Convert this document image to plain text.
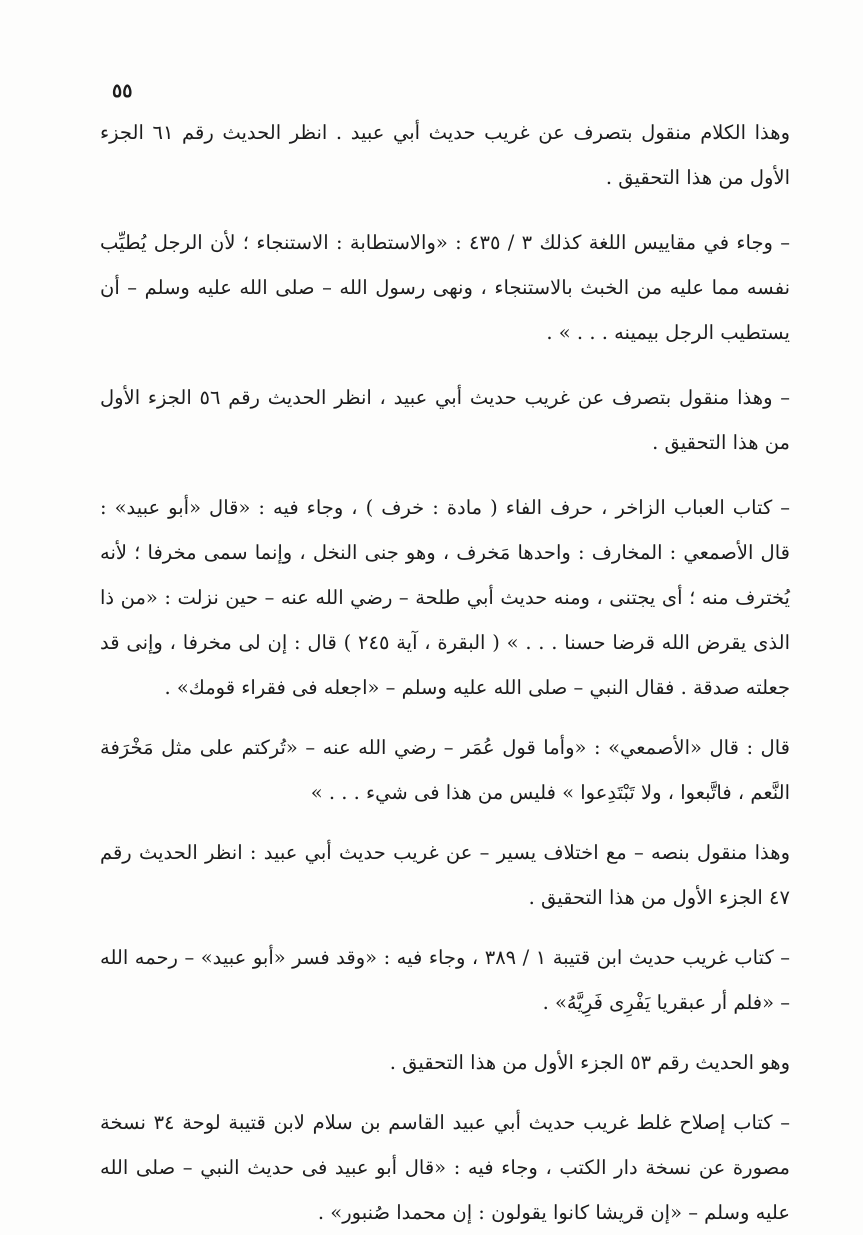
٥٥

وهذا الكلام منقول بتصرف عن غريب حديث أبي عبيد . انظر الحديث رقم ٦١ الجزء الأول من هذا التحقيق .

– وجاء في مقاييس اللغة كذلك ٣ / ٤٣٥ : «والاستطابة : الاستنجاء ؛ لأن الرجل يُطيِّب نفسه مما عليه من الخبث بالاستنجاء ، ونهى رسول الله – صلى الله عليه وسلم – أن يستطيب الرجل بيمينه . . . » .

– وهذا منقول بتصرف عن غريب حديث أبي عبيد ، انظر الحديث رقم ٥٦ الجزء الأول من هذا التحقيق .

– كتاب العباب الزاخر ، حرف الفاء ( مادة : خرف ) ، وجاء فيه : «قال «أبو عبيد» : قال الأصمعي : المخارف : واحدها مَخرف ، وهو جنى النخل ، وإنما سمى مخرفا ؛ لأنه يُخترف منه ؛ أى يجتنى ، ومنه حديث أبي طلحة – رضي الله عنه – حين نزلت : «من ذا الذى يقرض الله قرضا حسنا . . . » ( البقرة ، آية ٢٤٥ ) قال : إن لى مخرفا ، وإنى قد جعلته صدقة . فقال النبي – صلى الله عليه وسلم – «اجعله فى فقراء قومك» .

قال : قال «الأصمعي» : «وأما قول عُمَر – رضي الله عنه – «تُركتم على مثل مَخْرَفة النَّعم ، فاتَّبعوا ، ولا تَبْتَدِعوا » فليس من هذا فى شيء . . . »

وهذا منقول بنصه – مع اختلاف يسير – عن غريب حديث أبي عبيد : انظر الحديث رقم ٤٧ الجزء الأول من هذا التحقيق .

– كتاب غريب حديث ابن قتيبة ١ / ٣٨٩ ، وجاء فيه : «وقد فسر «أبو عبيد» – رحمه الله – «فلم أر عبقريا يَفْرِى فَرِيَّهُ» .

وهو الحديث رقم ٥٣ الجزء الأول من هذا التحقيق .

– كتاب إصلاح غلط غريب حديث أبي عبيد القاسم بن سلام لابن قتيبة لوحة ٣٤ نسخة مصورة عن نسخة دار الكتب ، وجاء فيه : «قال أبو عبيد فى حديث النبي – صلى الله عليه وسلم – «إن قريشا كانوا يقولون : إن محمدا صُنبور» .
